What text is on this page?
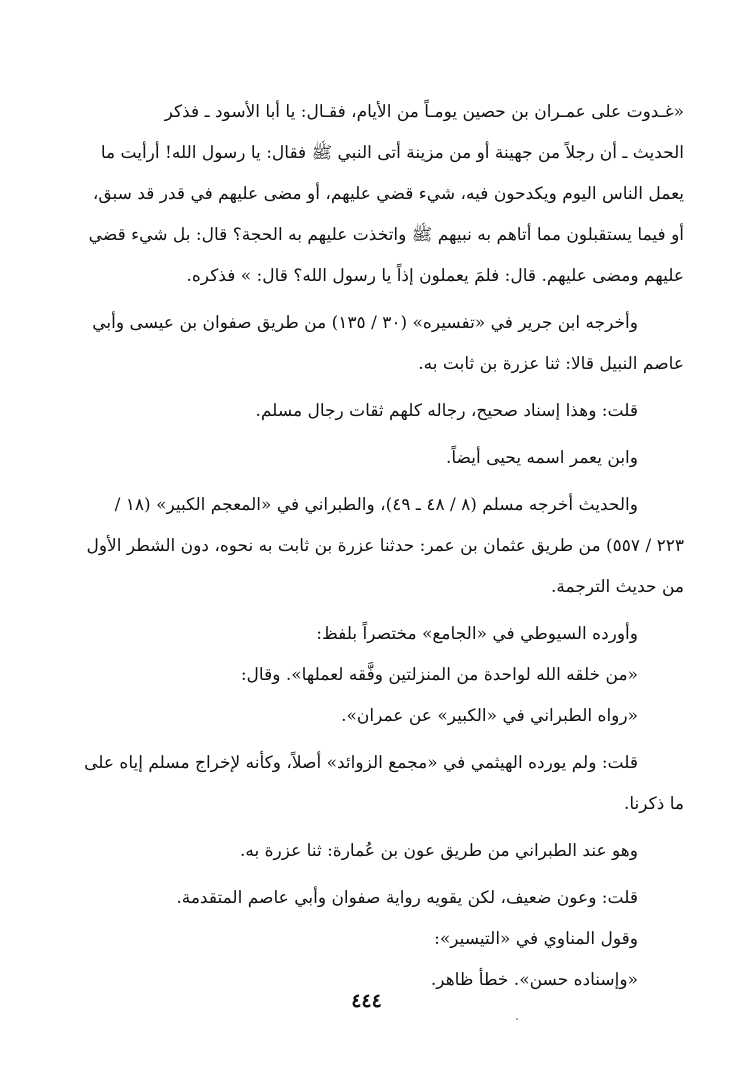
«غـدوت على عمـران بن حصين يومـاً من الأيام، فقـال: يا أبا الأسود ـ فذكر
الحديث ـ أن رجلاً من جهينة أو من مزينة أتى النبي ﷺ فقال: يا رسول الله! أرأيت ما
يعمل الناس اليوم ويكدحون فيه، شيء قضي عليهم، أو مضى عليهم في قدر قد سبق،
أو فيما يستقبلون مما أتاهم به نبيهم ﷺ واتخذت عليهم به الحجة؟ قال: بل شيء قضي
عليهم ومضى عليهم. قال: فلمَ يعملون إذاً يا رسول الله؟ قال: » فذكره.
وأخرجه ابن جرير في «تفسيره» (٣٠ / ١٣٥) من طريق صفوان بن عيسى وأبي
عاصم النبيل قالا: ثنا عزرة بن ثابت به.
قلت: وهذا إسناد صحيح، رجاله كلهم ثقات رجال مسلم.
وابن يعمر اسمه يحيى أيضاً.
والحديث أخرجه مسلم (٨ / ٤٨ ـ ٤٩)، والطبراني في «المعجم الكبير» (١٨ /
٢٢٣ / ٥٥٧) من طريق عثمان بن عمر: حدثنا عزرة بن ثابت به نحوه، دون الشطر الأول
من حديث الترجمة.
وأورده السيوطي في «الجامع» مختصراً بلفظ:
«من خلقه الله لواحدة من المنزلتين وفَّقه لعملها». وقال:
«رواه الطبراني في «الكبير» عن عمران».
قلت: ولم يورده الهيثمي في «مجمع الزوائد» أصلاً، وكأنه لإخراج مسلم إياه على
ما ذكرنا.
وهو عند الطبراني من طريق عون بن عُمارة: ثنا عزرة به.
قلت: وعون ضعيف، لكن يقويه رواية صفوان وأبي عاصم المتقدمة.
وقول المناوي في «التيسير»:
«وإسناده حسن». خطأ ظاهر.
٤٤٤
